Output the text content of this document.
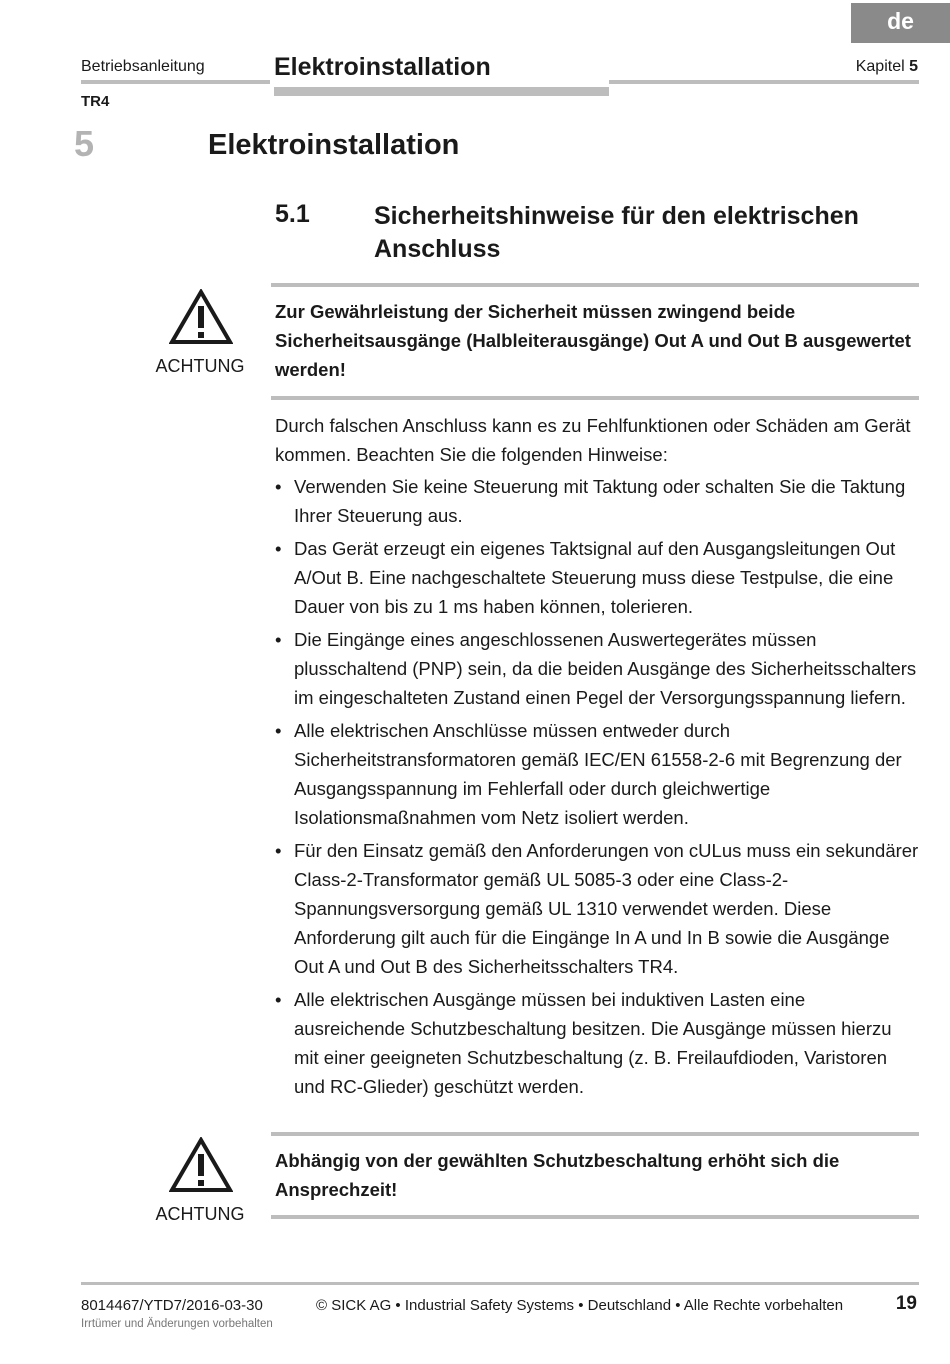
de
Betriebsanleitung	Elektroinstallation	Kapitel 5
TR4
5	Elektroinstallation
5.1	Sicherheitshinweise für den elektrischen Anschluss
ACHTUNG
Zur Gewährleistung der Sicherheit müssen zwingend beide Sicherheitsausgänge (Halbleiterausgänge) Out A und Out B ausgewertet werden!
Durch falschen Anschluss kann es zu Fehlfunktionen oder Schäden am Gerät kommen. Beachten Sie die folgenden Hinweise:
• Verwenden Sie keine Steuerung mit Taktung oder schalten Sie die Taktung Ihrer Steuerung aus.
• Das Gerät erzeugt ein eigenes Taktsignal auf den Ausgangsleitungen Out A/Out B. Eine nachgeschaltete Steuerung muss diese Testpulse, die eine Dauer von bis zu 1 ms haben können, tolerieren.
• Die Eingänge eines angeschlossenen Auswertegerätes müssen plusschaltend (PNP) sein, da die beiden Ausgänge des Sicherheitsschalters im eingeschalteten Zustand einen Pegel der Versorgungsspannung liefern.
• Alle elektrischen Anschlüsse müssen entweder durch Sicherheitstransformatoren gemäß IEC/EN 61558-2-6 mit Begrenzung der Ausgangsspannung im Fehlerfall oder durch gleichwertige Isolationsmaßnahmen vom Netz isoliert werden.
• Für den Einsatz gemäß den Anforderungen von cULus muss ein sekundärer Class-2-Transformator gemäß UL 5085-3 oder eine Class-2-Spannungsversorgung gemäß UL 1310 verwendet werden. Diese Anforderung gilt auch für die Eingänge In A und In B sowie die Ausgänge Out A und Out B des Sicherheitsschalters TR4.
• Alle elektrischen Ausgänge müssen bei induktiven Lasten eine ausreichende Schutzbeschaltung besitzen. Die Ausgänge müssen hierzu mit einer geeigneten Schutzbeschaltung (z. B. Freilaufdioden, Varistoren und RC-Glieder) geschützt werden.
ACHTUNG
Abhängig von der gewählten Schutzbeschaltung erhöht sich die Ansprechzeit!
8014467/YTD7/2016-03-30	© SICK AG • Industrial Safety Systems • Deutschland • Alle Rechte vorbehalten	19
Irrtümer und Änderungen vorbehalten
